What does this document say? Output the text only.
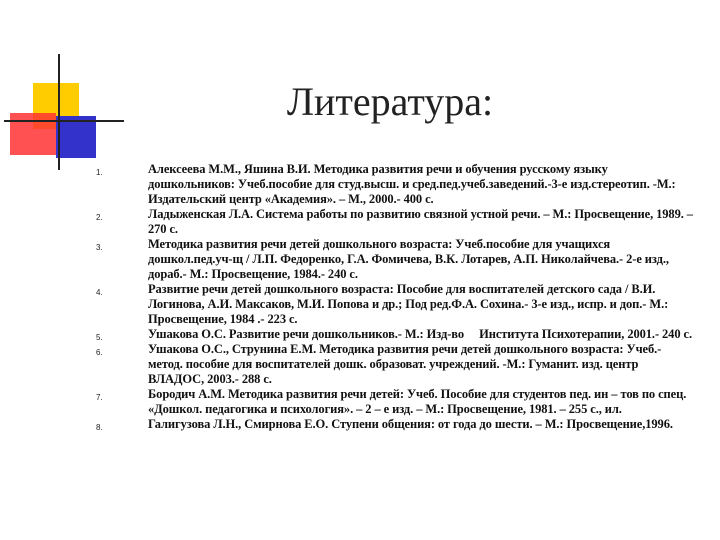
Литература:
1.	Алексеева М.М., Яшина В.И. Методика развития речи и обучения русскому языку дошкольников: Учеб.пособие для студ.высш. и сред.пед.учеб.заведений.-3-е изд.стереотип. -М.: Издательский центр «Академия». – М., 2000.- 400 с.
2.	Ладыженская Л.А. Система работы по развитию связной устной речи. – М.: Просвещение, 1989. – 270 с.
3.	Методика развития речи детей дошкольного возраста: Учеб.пособие для учащихся дошкол.пед.уч-щ / Л.П. Федоренко, Г.А. Фомичева, В.К. Лотарев, А.П. Николайчева.- 2-е изд., дораб.- М.: Просвещение, 1984.- 240 с.
4.	Развитие речи детей дошкольного возраста: Пособие для воспитателей детского сада / В.И. Логинова, А.И. Максаков, М.И. Попова и др.; Под ред.Ф.А. Сохина.- 3-е изд., испр. и доп.- М.: Просвещение, 1984 .- 223 с.
5.	Ушакова О.С. Развитие речи дошкольников.- М.: Изд-во     Института Психотерапии, 2001.- 240 с.
6.	Ушакова О.С., Струнина Е.М. Методика развития речи детей дошкольного возраста: Учеб.- метод. пособие для воспитателей дошк. образоват. учреждений. -М.: Гуманит. изд. центр ВЛАДОС, 2003.- 288 с.
7.	Бородич А.М. Методика развития речи детей: Учеб. Пособие для студентов пед. ин – тов по спец. «Дошкол. педагогика и психология». – 2 – е изд. – М.: Просвещение, 1981. – 255 с., ил.
8.	Галигузова Л.Н., Смирнова Е.О. Ступени общения: от года до шести. – М.: Просвещение,1996.
